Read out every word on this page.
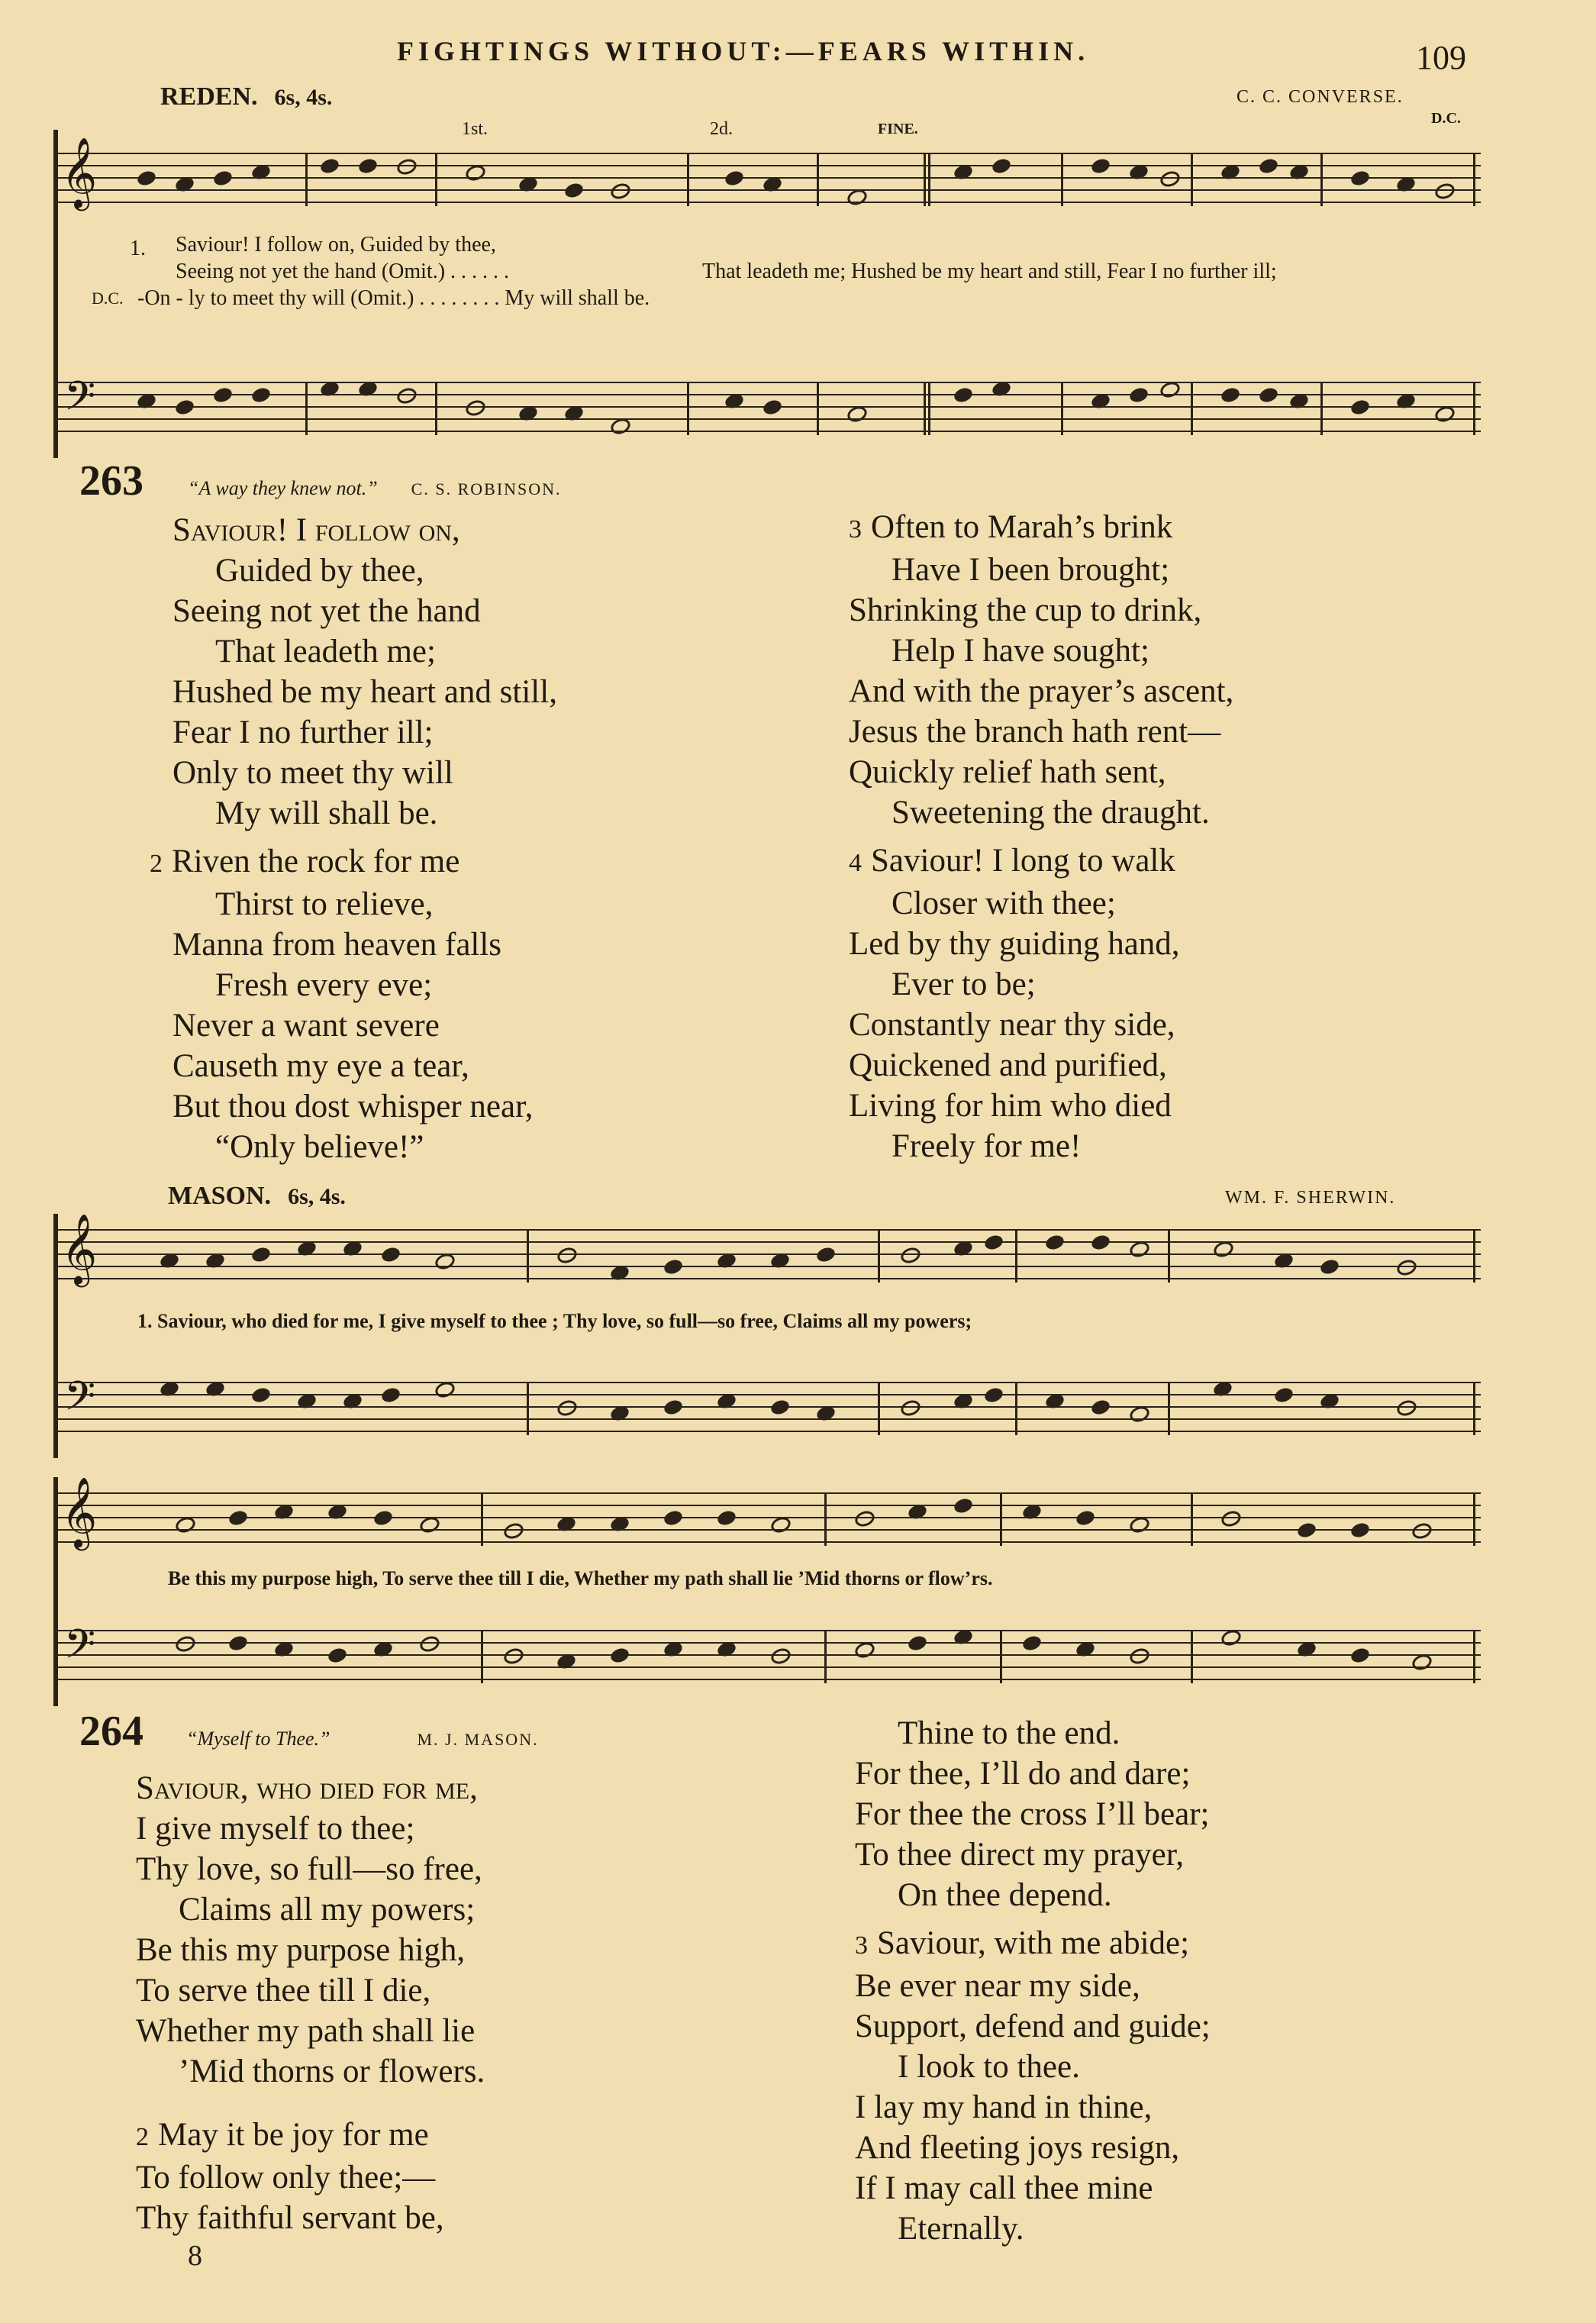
FIGHTINGS WITHOUT:—FEARS WITHIN.	109
REDEN. 6s, 4s.	C. C. CONVERSE.
1st.	2d.	FINE.
D.C.
𝄞
1. Saviour! I follow on, Guided by thee,
Seeing not yet the hand (Omit.) . . . . . .	That leadeth me; Hushed be my heart and still, Fear I no further ill;
D.C. -On - ly to meet thy will (Omit.) . . . . . . . . My will shall be.
𝄢
263 “A way they knew not.” C. S. ROBINSON.
Saviour! I follow on,
Guided by thee,
Seeing not yet the hand
That leadeth me;
Hushed be my heart and still,
Fear I no further ill;
Only to meet thy will
My will shall be.
2 Riven the rock for me
Thirst to relieve,
Manna from heaven falls
Fresh every eve;
Never a want severe
Causeth my eye a tear,
But thou dost whisper near,
“Only believe!”
3 Often to Marah’s brink
Have I been brought;
Shrinking the cup to drink,
Help I have sought;
And with the prayer’s ascent,
Jesus the branch hath rent—
Quickly relief hath sent,
Sweetening the draught.
4 Saviour! I long to walk
Closer with thee;
Led by thy guiding hand,
Ever to be;
Constantly near thy side,
Quickened and purified,
Living for him who died
Freely for me!
MASON. 6s, 4s.	WM. F. SHERWIN.
𝄞
1. Saviour, who died for me, I give myself to thee ; Thy love, so full—so free, Claims all my powers;
𝄢
𝄞
Be this my purpose high, To serve thee till I die, Whether my path shall lie ’Mid thorns or flow’rs.
𝄢
264 “Myself to Thee.”	M. J. MASON.
Saviour, who died for me,
I give myself to thee;
Thy love, so full—so free,
Claims all my powers;
Be this my purpose high,
To serve thee till I die,
Whether my path shall lie
’Mid thorns or flowers.
2 May it be joy for me
To follow only thee;—
Thy faithful servant be,
8
Thine to the end.
For thee, I’ll do and dare;
For thee the cross I’ll bear;
To thee direct my prayer,
On thee depend.
3 Saviour, with me abide;
Be ever near my side,
Support, defend and guide;
I look to thee.
I lay my hand in thine,
And fleeting joys resign,
If I may call thee mine
Eternally.
